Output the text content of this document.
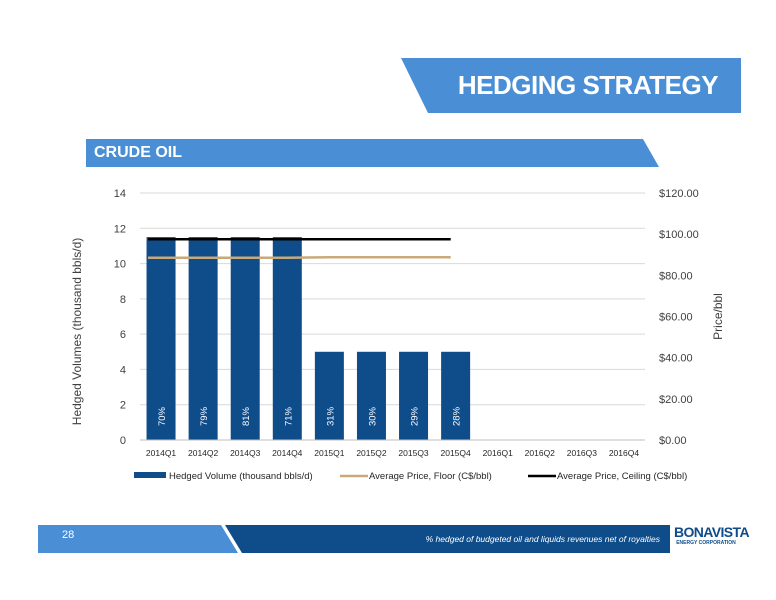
HEDGING STRATEGY
CRUDE OIL
70%	79%	81%	71%	31%	30%	29%	28%
0
2
4
6
8
10
12
14
$0.00
$20.00
$40.00
$60.00
$80.00
$100.00
$120.00
2014Q1 2014Q2 2014Q3 2014Q4 2015Q1 2015Q2 2015Q3 2015Q4 2016Q1 2016Q2 2016Q3 2016Q4
Hedged Volumes (thousand bbls/d)	Price/bbl
Hedged Volume (thousand bbls/d)	Average Price, Floor (C$/bbl)	Average Price, Ceiling (C$/bbl)
28	% hedged of budgeted oil and liquids revenues net of royalties BONAVISTA
ENERGY CORPORATION
